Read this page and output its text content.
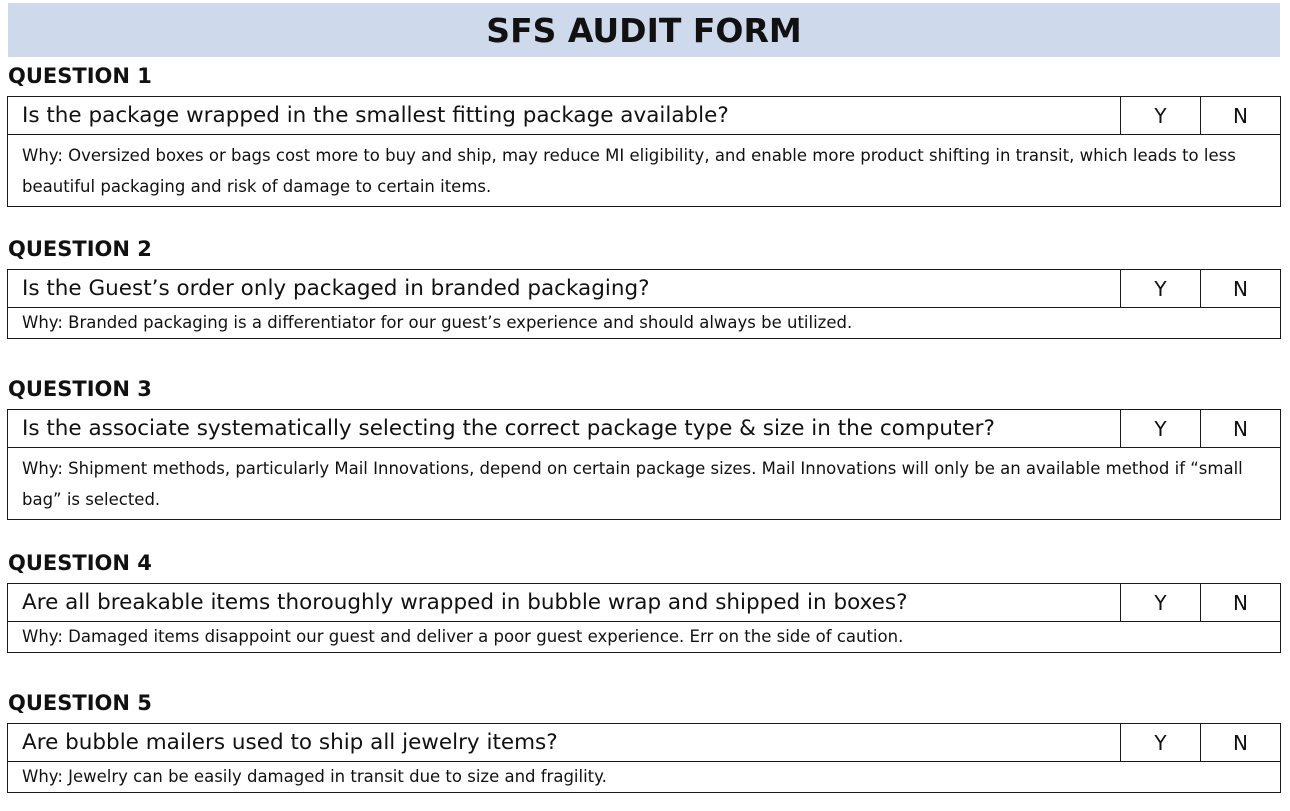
SFS AUDIT FORM
QUESTION 1
Is the package wrapped in the smallest fitting package available?	Y	N
Why: Oversized boxes or bags cost more to buy and ship, may reduce MI eligibility, and enable more product shifting in transit, which leads to less beautiful packaging and risk of damage to certain items.
QUESTION 2
Is the Guest’s order only packaged in branded packaging?	Y	N
Why: Branded packaging is a differentiator for our guest’s experience and should always be utilized.
QUESTION 3
Is the associate systematically selecting the correct package type & size in the computer?	Y	N
Why: Shipment methods, particularly Mail Innovations, depend on certain package sizes. Mail Innovations will only be an available method if “small bag” is selected.
QUESTION 4
Are all breakable items thoroughly wrapped in bubble wrap and shipped in boxes?	Y	N
Why: Damaged items disappoint our guest and deliver a poor guest experience. Err on the side of caution.
QUESTION 5
Are bubble mailers used to ship all jewelry items?	Y	N
Why: Jewelry can be easily damaged in transit due to size and fragility.
